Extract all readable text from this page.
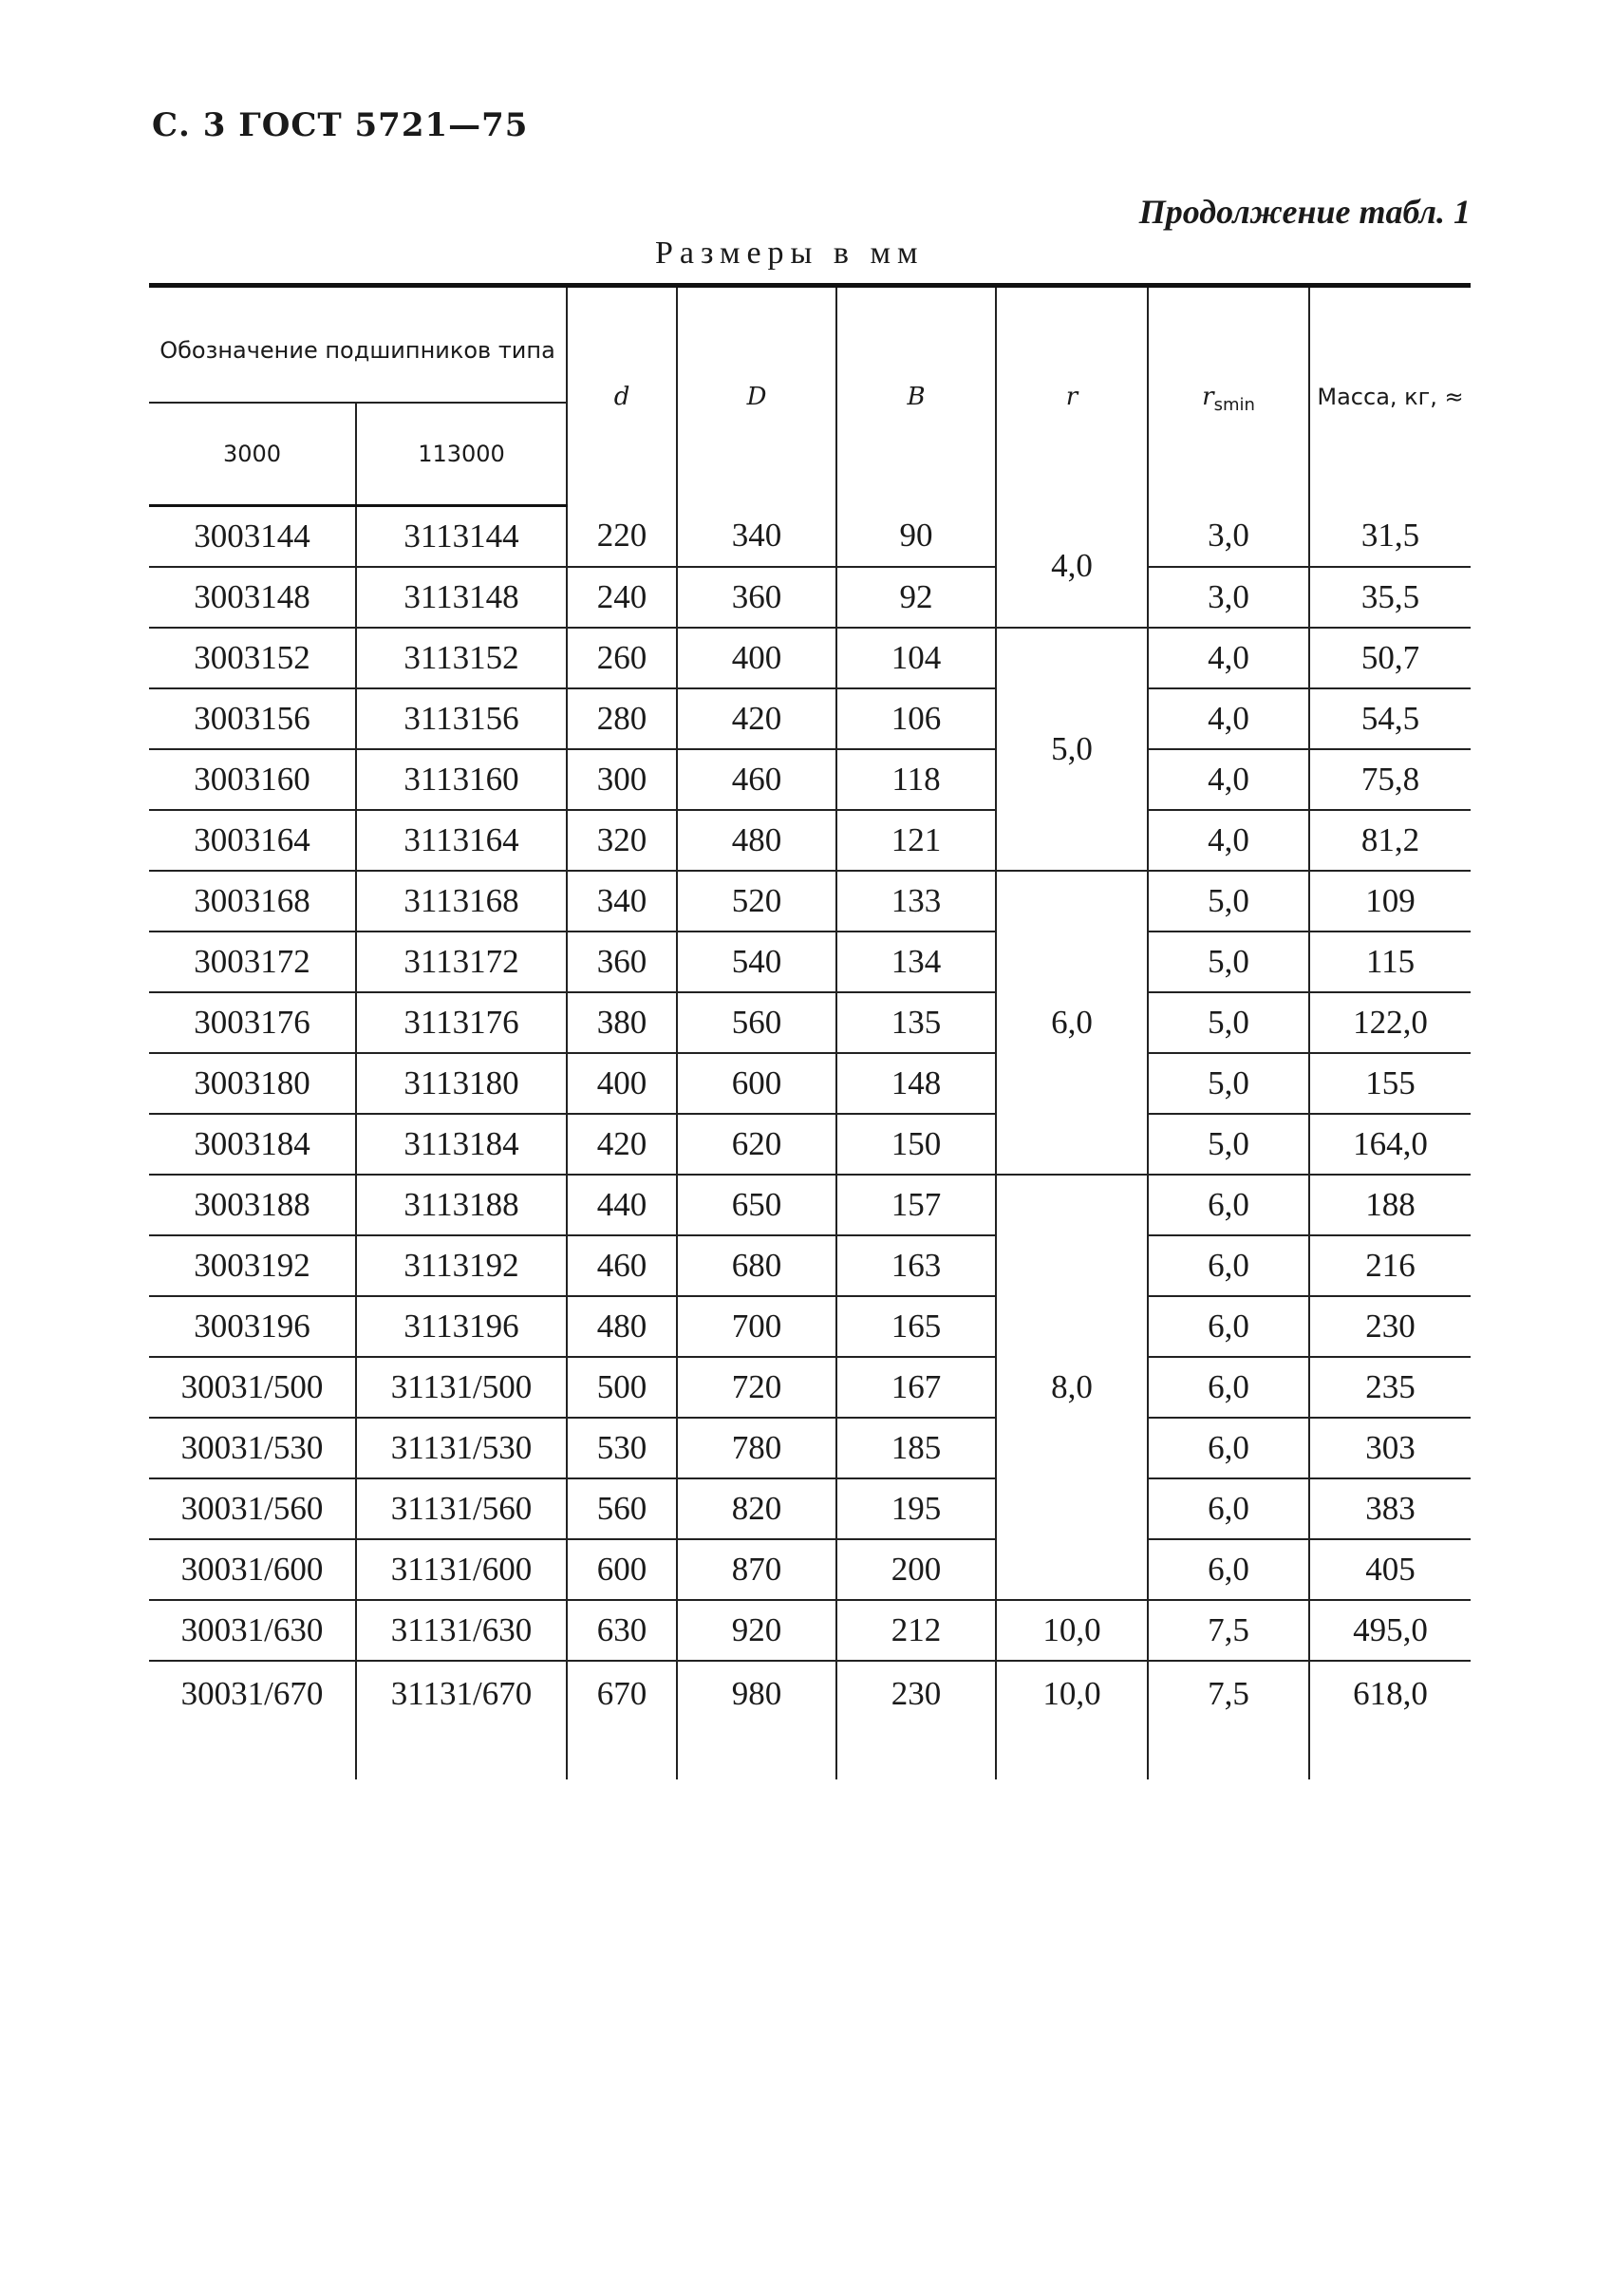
С. 3 ГОСТ 5721—75
Продолжение табл. 1
Размеры в мм
Обозначение подшипников типа		d	D	B	r	$r_{smin}$	Масса, кг, ≈
3000	113000						
3003144	3113144	220	340	90	4,0	3,0	31,5
3003148	3113148	240	360	92		3,0	35,5
3003152	3113152	260	400	104	5,0	4,0	50,7
3003156	3113156	280	420	106		4,0	54,5
3003160	3113160	300	460	118		4,0	75,8
3003164	3113164	320	480	121		4,0	81,2
3003168	3113168	340	520	133	6,0	5,0	109
3003172	3113172	360	540	134		5,0	115
3003176	3113176	380	560	135		5,0	122,0
3003180	3113180	400	600	148		5,0	155
3003184	3113184	420	620	150		5,0	164,0
3003188	3113188	440	650	157	8,0	6,0	188
3003192	3113192	460	680	163		6,0	216
3003196	3113196	480	700	165		6,0	230
30031/500	31131/500	500	720	167		6,0	235
30031/530	31131/530	530	780	185		6,0	303
30031/560	31131/560	560	820	195		6,0	383
30031/600	31131/600	600	870	200		6,0	405
30031/630	31131/630	630	920	212	10,0	7,5	495,0
30031/670	31131/670	670	980	230	10,0	7,5	618,0
